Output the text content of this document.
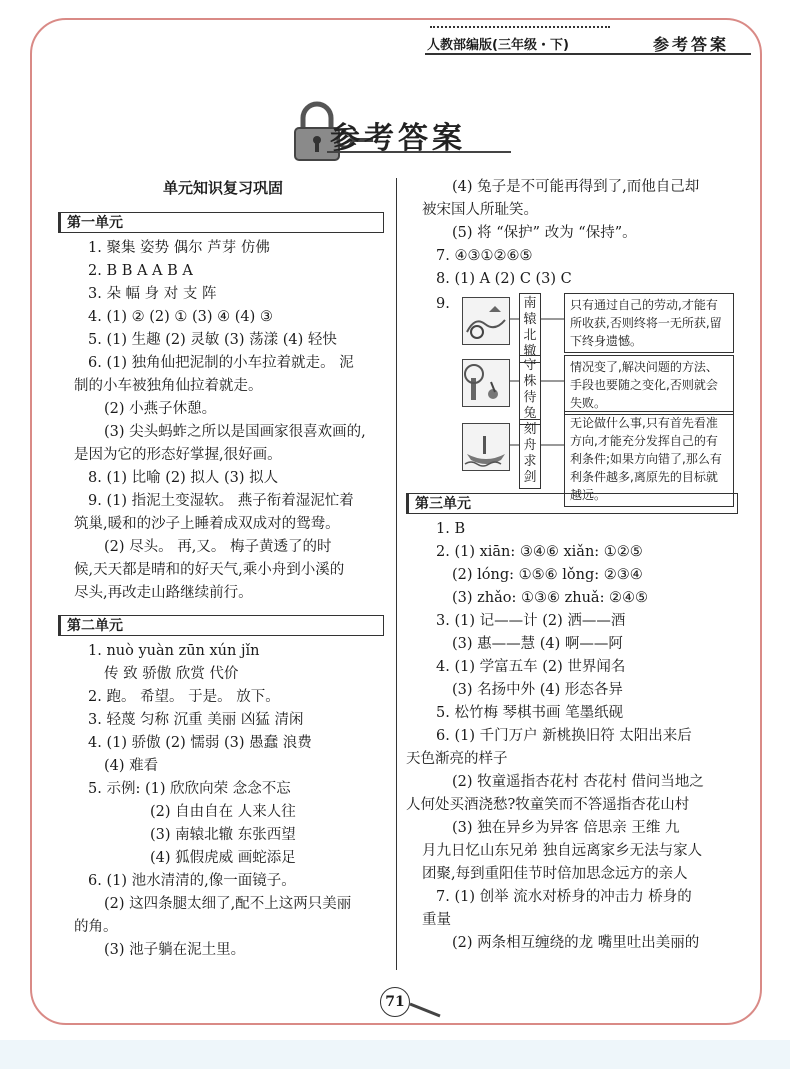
人教部编版(三年级・下)	参考答案
参考答案
单元知识复习巩固
第一单元
1. 聚集 姿势 偶尔 芦芽 仿佛
2. B B A A B A
3. 朵 幅 身 对 支 阵
4. (1) ② (2) ① (3) ④ (4) ③
5. (1) 生趣 (2) 灵敏 (3) 荡漾 (4) 轻快
6. (1) 独角仙把泥制的小车拉着就走。 泥
制的小车被独角仙拉着就走。
(2) 小燕子休憩。
(3) 尖头蚂蚱之所以是国画家很喜欢画的,
是因为它的形态好掌握,很好画。
8. (1) 比喻 (2) 拟人 (3) 拟人
9. (1) 指泥土变湿软。 燕子衔着湿泥忙着
筑巢,暖和的沙子上睡着成双成对的鸳鸯。
(2) 尽头。 再,又。 梅子黄透了的时
候,天天都是晴和的好天气,乘小舟到小溪的
尽头,再改走山路继续前行。
第二单元
1. nuò yuàn zūn xún jǐn
传 致 骄傲 欣赏 代价
2. 跑。 希望。 于是。 放下。
3. 轻蔑 匀称 沉重 美丽 凶猛 清闲
4. (1) 骄傲 (2) 懦弱 (3) 愚蠢 浪费
(4) 难看
5. 示例: (1) 欣欣向荣 念念不忘
(2) 自由自在 人来人往
(3) 南辕北辙 东张西望
(4) 狐假虎威 画蛇添足
6. (1) 池水清清的,像一面镜子。
(2) 这四条腿太细了,配不上这两只美丽
的角。
(3) 池子躺在泥土里。
(4) 兔子是不可能再得到了,而他自己却
被宋国人所耻笑。
(5) 将 “保护” 改为 “保持”。
7. ④③①②⑥⑤
8. (1) A (2) C (3) C
9.	南辕北辙
只有通过自己的劳动,才能有所收获,否则终将一无所获,留下终身遗憾。
守株待兔
情况变了,解决问题的方法、手段也要随之变化,否则就会失败。
刻舟求剑
无论做什么事,只有首先看准方向,才能充分发挥自己的有利条件;如果方向错了,那么有利条件越多,离原先的目标就越远。
第三单元
1. B
2. (1) xiān: ③④⑥ xiǎn: ①②⑤
(2) lóng: ①⑤⑥ lǒng: ②③④
(3) zhǎo: ①③⑥ zhuǎ: ②④⑤
3. (1) 记——计 (2) 洒——酒
(3) 惠——慧 (4) 啊——阿
4. (1) 学富五车 (2) 世界闻名
(3) 名扬中外 (4) 形态各异
5. 松竹梅 琴棋书画 笔墨纸砚
6. (1) 千门万户 新桃换旧符 太阳出来后
天色渐亮的样子
(2) 牧童遥指杏花村 杏花村 借问当地之
人何处买酒浇愁?牧童笑而不答遥指杏花山村
(3) 独在异乡为异客 倍思亲 王维 九
月九日忆山东兄弟 独自远离家乡无法与家人
团聚,每到重阳佳节时倍加思念远方的亲人
7. (1) 创举 流水对桥身的冲击力 桥身的
重量
(2) 两条相互缠绕的龙 嘴里吐出美丽的
71
